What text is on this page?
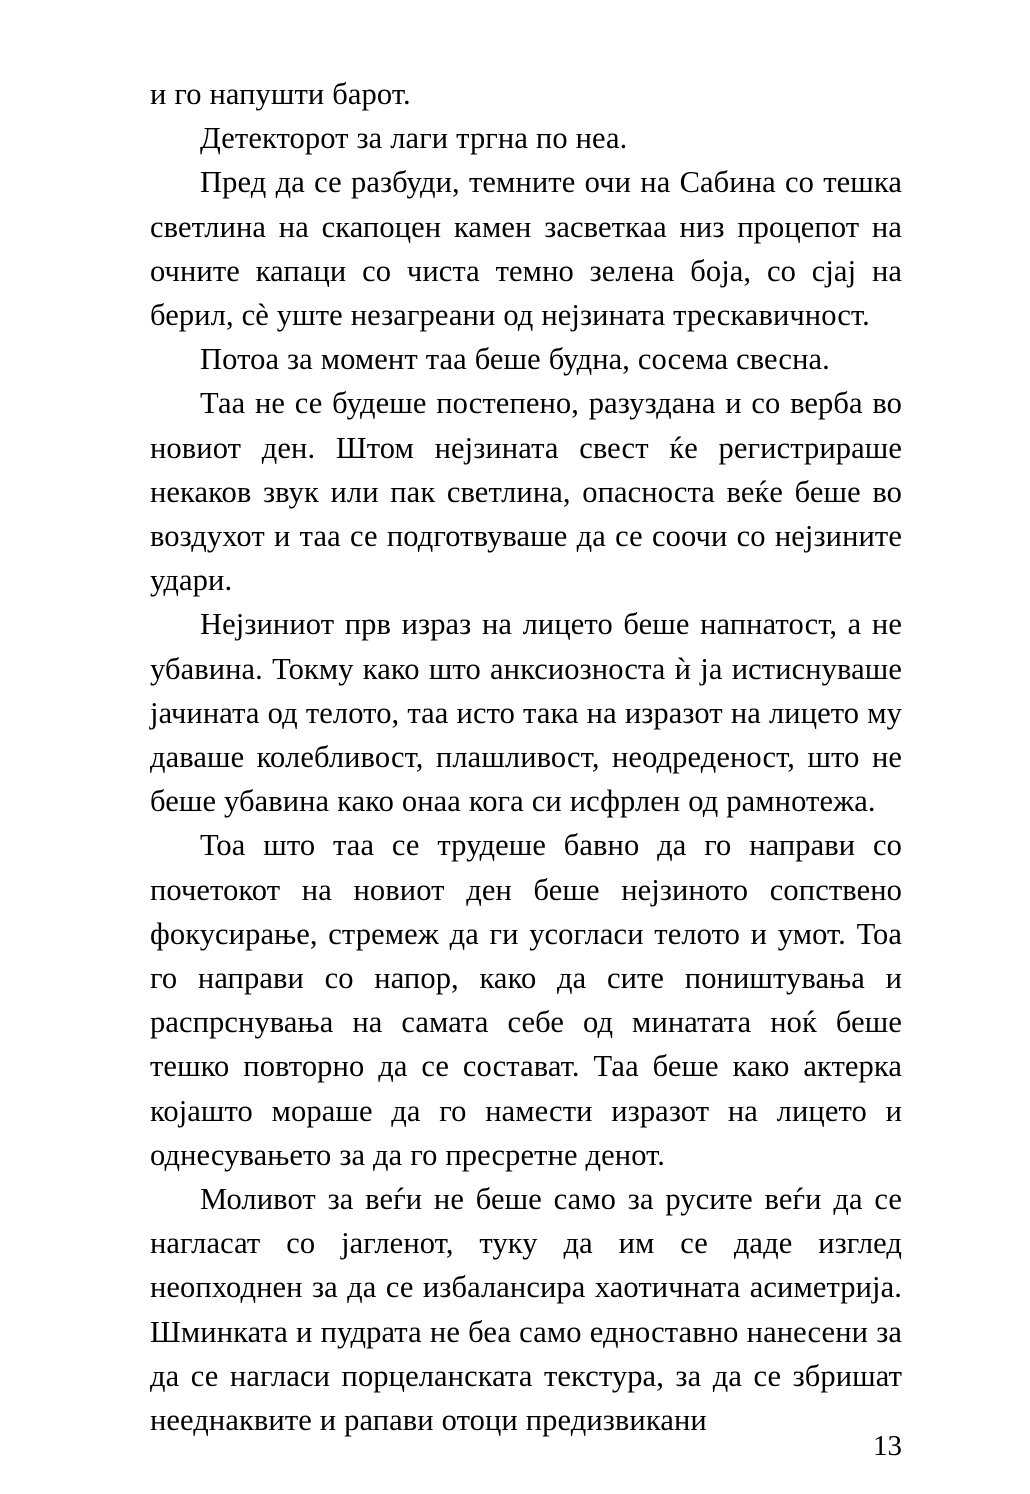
и го напушти барот.

Детекторот за лаги тргна по неа.

Пред да се разбуди, темните очи на Сабина со тешка светлина на скапоцен камен засветкаа низ процепот на очните капаци со чиста темно зелена боја, со сјај на берил, сѐ уште незагреани од нејзината трескавичност.

Потоа за момент таа беше будна, сосема свесна.

Таа не се будеше постепено, разуздана и со верба во новиот ден. Штом нејзината свест ќе регистрираше некаков звук или пак светлина, опасноста веќе беше во воздухот и таа се подготвуваше да се соочи со нејзините удари.

Нејзиниот прв израз на лицето беше напнатост, а не убавина. Токму како што анксиозноста ѝ ја истиснуваше јачината од телото, таа исто така на изразот на лицето му даваше колебливост, плашливост, неодреденост, што не беше убавина како онаа кога си исфрлен од рамнотежа.

Тоа што таа се трудеше бавно да го направи со почетокот на новиот ден беше нејзиното сопствено фокусирање, стремеж да ги усогласи телото и умот. Тоа го направи со напор, како да сите поништувања и распрснувања на самата себе од минатата ноќ беше тешко повторно да се состават. Таа беше како актерка којашто мораше да го намести изразот на лицето и однесувањето за да го пресретне денот.

Моливот за веѓи не беше само за русите веѓи да се нагласат со јагленот, туку да им се даде изглед неопходнен за да се избалансира хаотичната асиметрија. Шминката и пудрата не беа само едноставно нанесени за да се нагласи порцеланската текстура, за да се збришат нееднаквите и рапави отоци предизвикани

13
